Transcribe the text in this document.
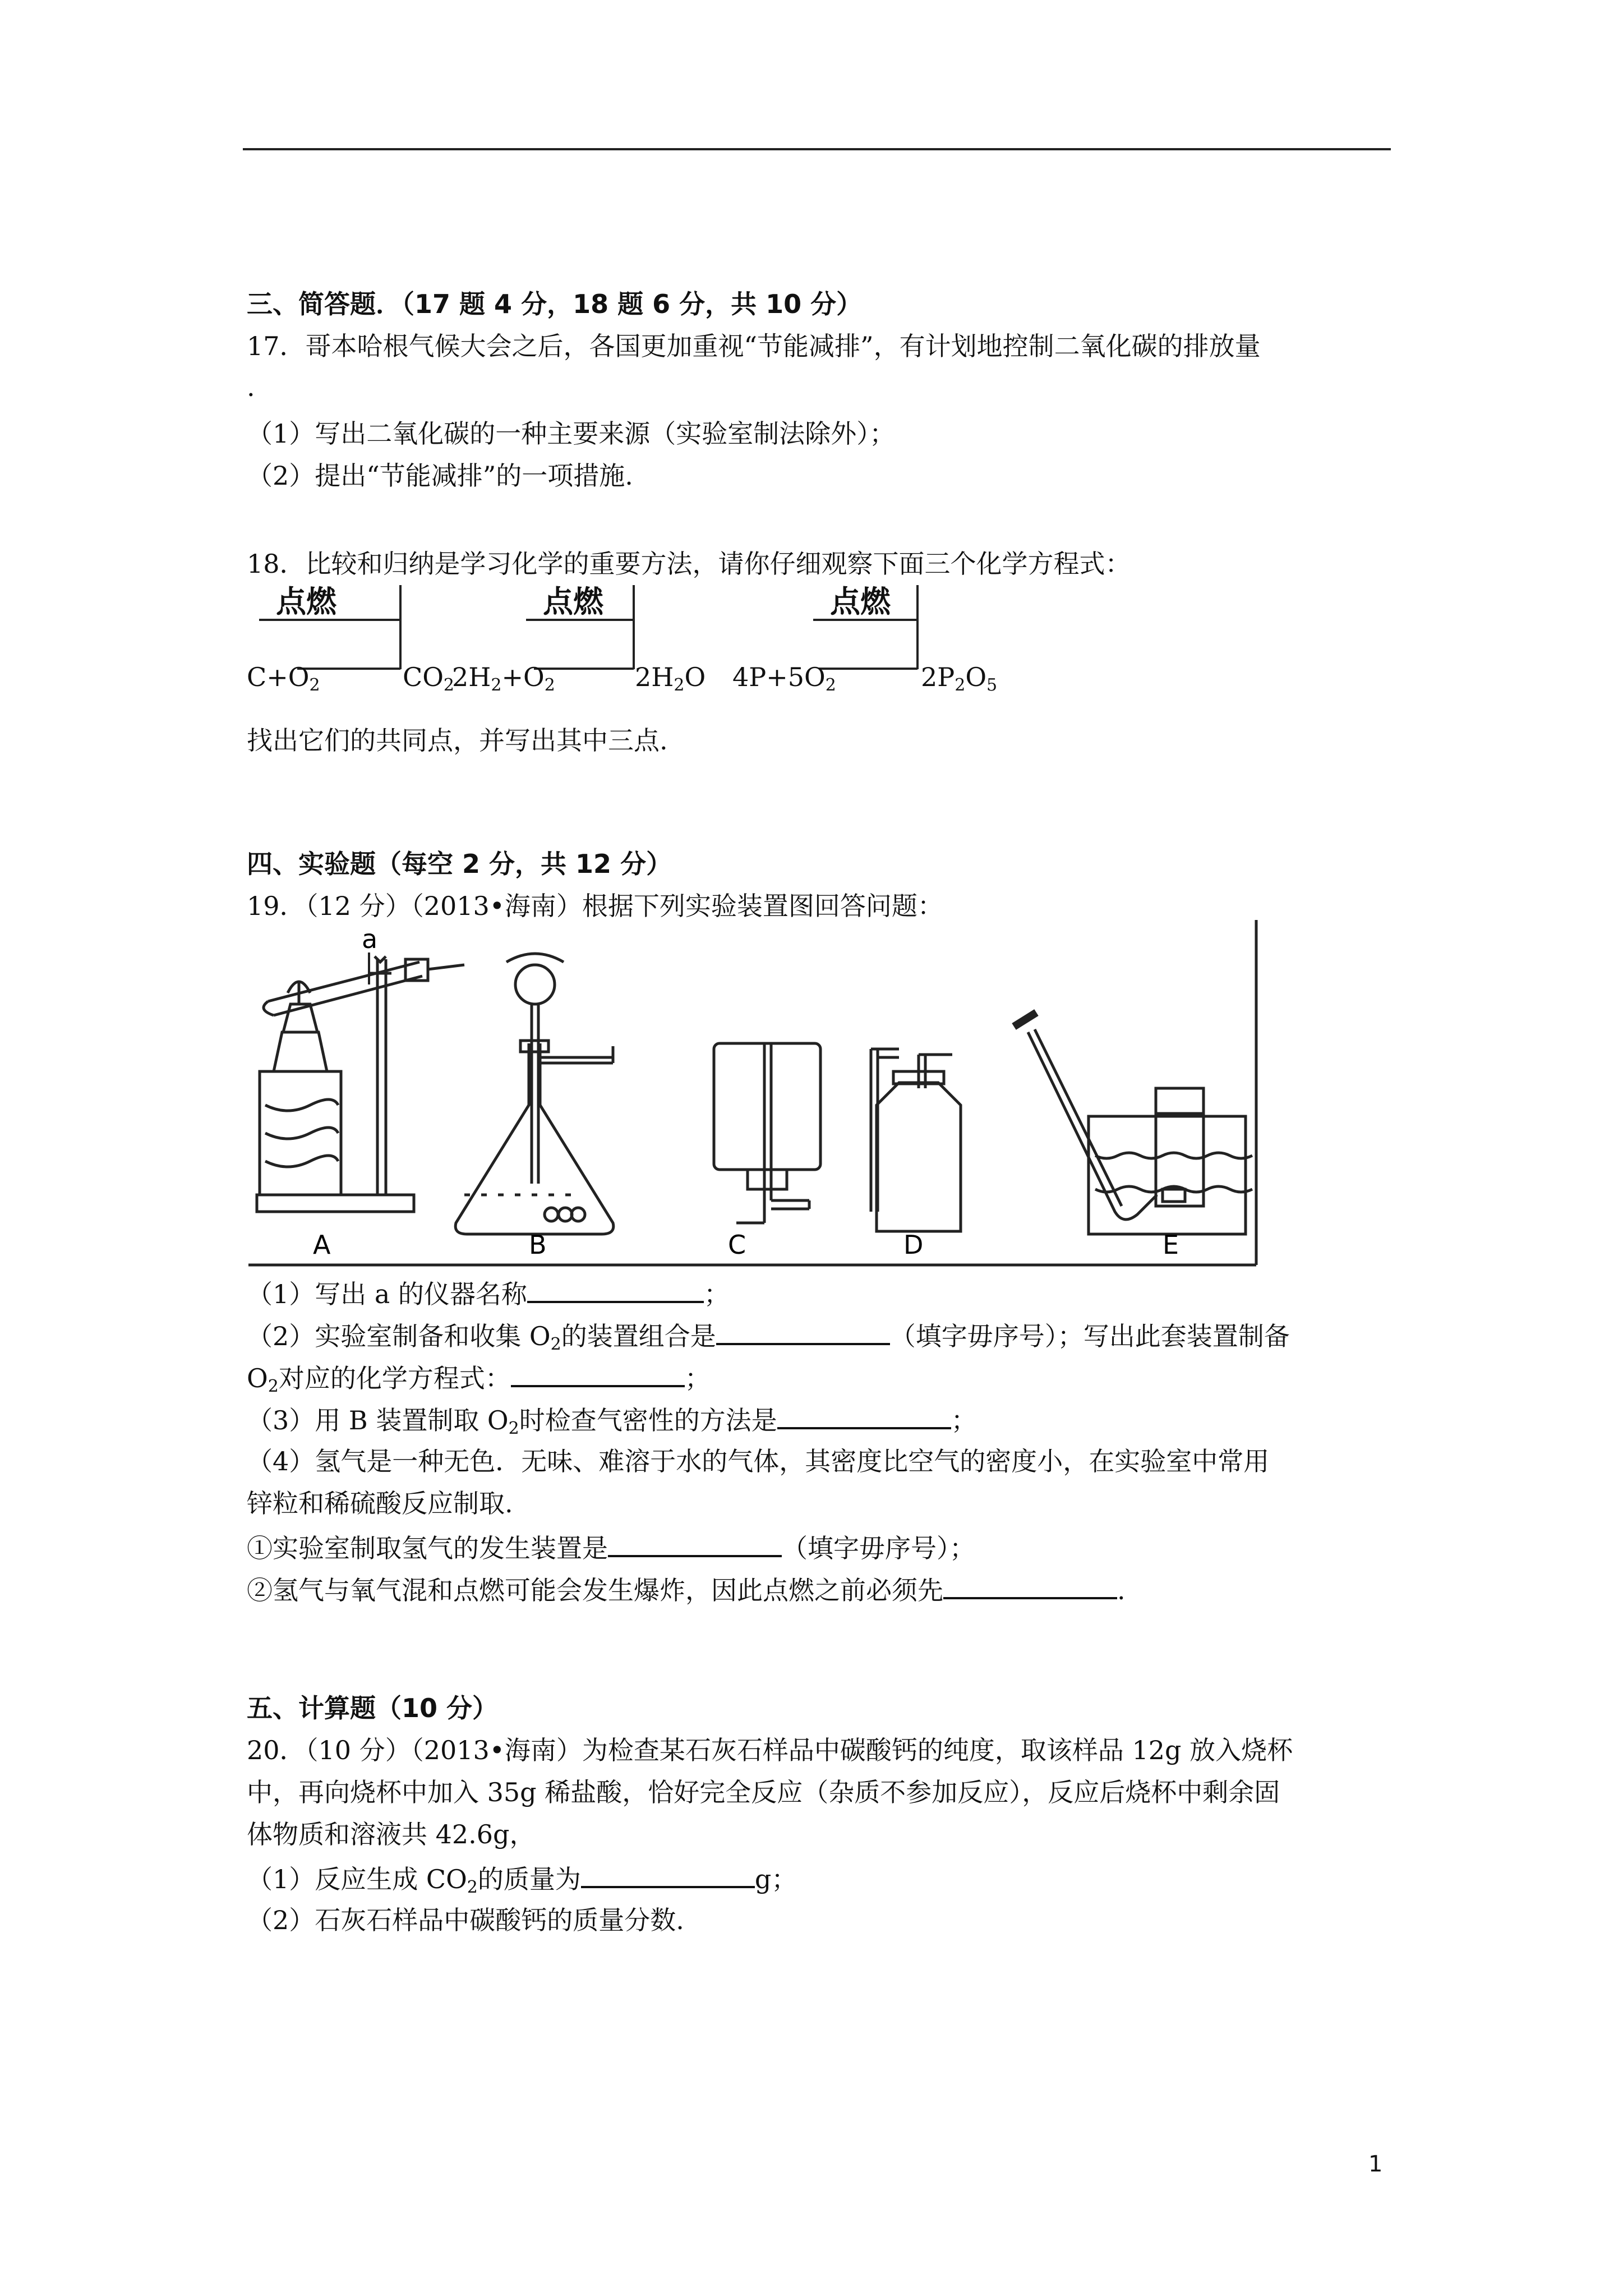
三、简答题．（17 题 4 分，18 题 6 分，共 10 分）
17．哥本哈根气候大会之后，各国更加重视“节能减排”，有计划地控制二氧化碳的排放量
.
（1）写出二氧化碳的一种主要来源（实验室制法除外）；
（2）提出“节能减排”的一项措施.
18．比较和归纳是学习化学的重要方法，请你仔细观察下面三个化学方程式：
点燃
$C+O_2$	$CO_2$
点燃
$2H_2+O_2$	$2H_2O$
点燃
$4P+5O_2$	$2P_2O_5$
找出它们的共同点，并写出其中三点.
四、实验题（每空 2 分，共 12 分）
19．（12 分）（2013•海南）根据下列实验装置图回答问题：
a
A	B	C	D	E
（1）写出 a 的仪器名称	；
（2）实验室制备和收集 $O_2$的装置组合是	（填字毋序号）；写出此套装置制备
$O_2$对应的化学方程式：	；
（3）用 B 装置制取 $O_2$时检查气密性的方法是	；
（4）氢气是一种无色．无味、难溶于水的气体，其密度比空气的密度小，在实验室中常用
锌粒和稀硫酸反应制取.
①实验室制取氢气的发生装置是	（填字毋序号）；
②氢气与氧气混和点燃可能会发生爆炸，因此点燃之前必须先	.
五、计算题（10 分）
20．（10 分）（2013•海南）为检查某石灰石样品中碳酸钙的纯度，取该样品 12g 放入烧杯
中，再向烧杯中加入 35g 稀盐酸，恰好完全反应（杂质不参加反应），反应后烧杯中剩余固
体物质和溶液共 42.6g，
（1）反应生成 $CO_2$的质量为	g；
（2）石灰石样品中碳酸钙的质量分数.
1
